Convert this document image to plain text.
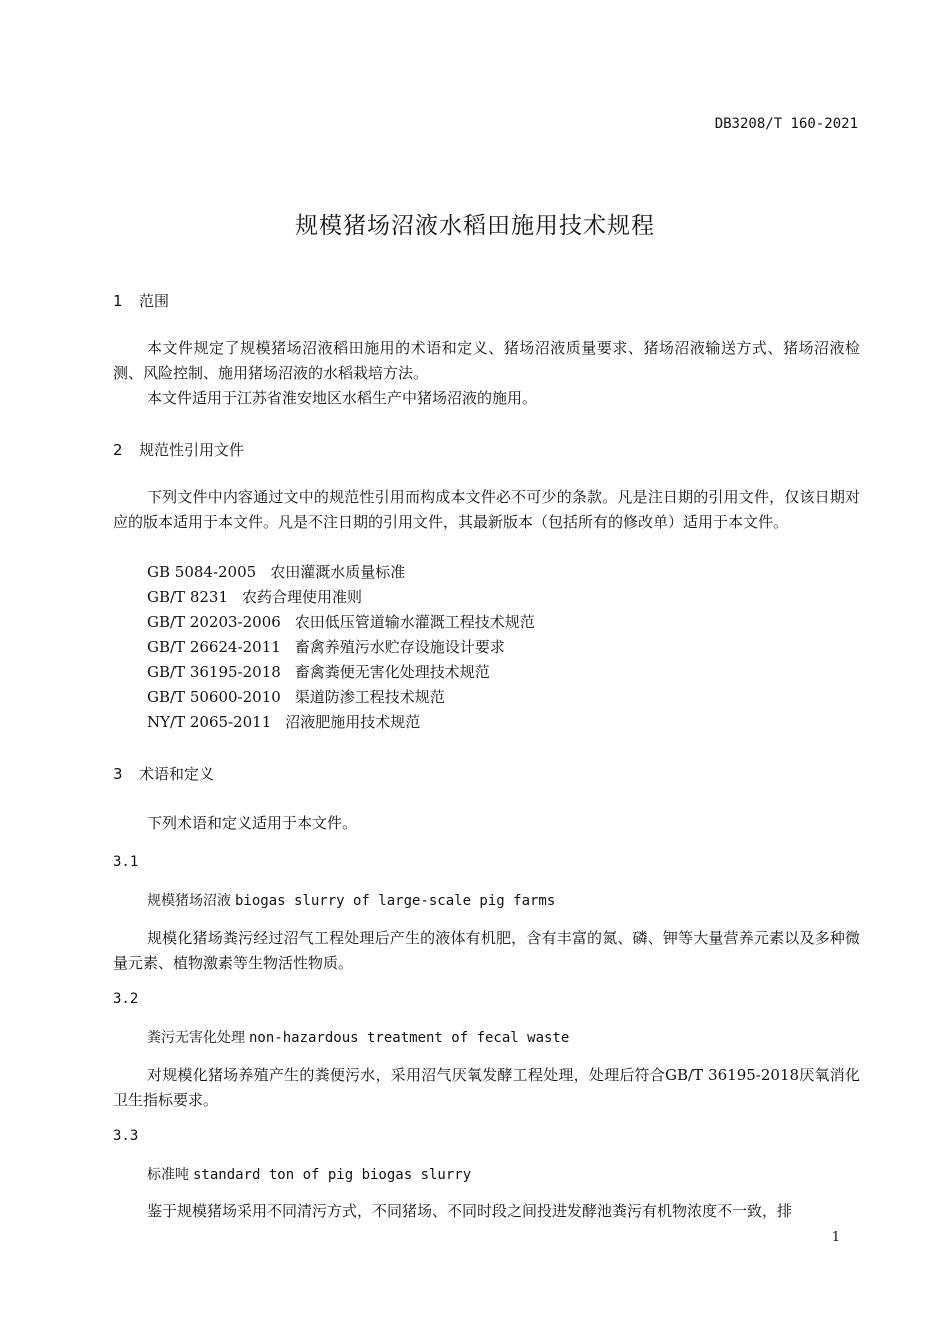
DB3208/T 160-2021
规模猪场沼液水稻田施用技术规程
1 范围

本文件规定了规模猪场沼液稻田施用的术语和定义、猪场沼液质量要求、猪场沼液输送方式、猪场沼液检测、风险控制、施用猪场沼液的水稻栽培方法。

本文件适用于江苏省淮安地区水稻生产中猪场沼液的施用。

2 规范性引用文件

下列文件中内容通过文中的规范性引用而构成本文件必不可少的条款。凡是注日期的引用文件，仅该日期对应的版本适用于本文件。凡是不注日期的引用文件，其最新版本（包括所有的修改单）适用于本文件。

GB 5084-2005 农田灌溉水质量标准
GB/T 8231 农药合理使用准则
GB/T 20203-2006 农田低压管道输水灌溉工程技术规范
GB/T 26624-2011 畜禽养殖污水贮存设施设计要求
GB/T 36195-2018 畜禽粪便无害化处理技术规范
GB/T 50600-2010 渠道防渗工程技术规范
NY/T 2065-2011 沼液肥施用技术规范
3 术语和定义

下列术语和定义适用于本文件。

3.1
规模猪场沼液 biogas slurry of large-scale pig farms

规模化猪场粪污经过沼气工程处理后产生的液体有机肥，含有丰富的氮、磷、钾等大量营养元素以及多种微量元素、植物激素等生物活性物质。

3.2
粪污无害化处理 non-hazardous treatment of fecal waste

对规模化猪场养殖产生的粪便污水，采用沼气厌氧发酵工程处理，处理后符合GB/T 36195-2018厌氧消化卫生指标要求。

3.3
标准吨 standard ton of pig biogas slurry

鉴于规模猪场采用不同清污方式，不同猪场、不同时段之间投进发酵池粪污有机物浓度不一致，排

1
